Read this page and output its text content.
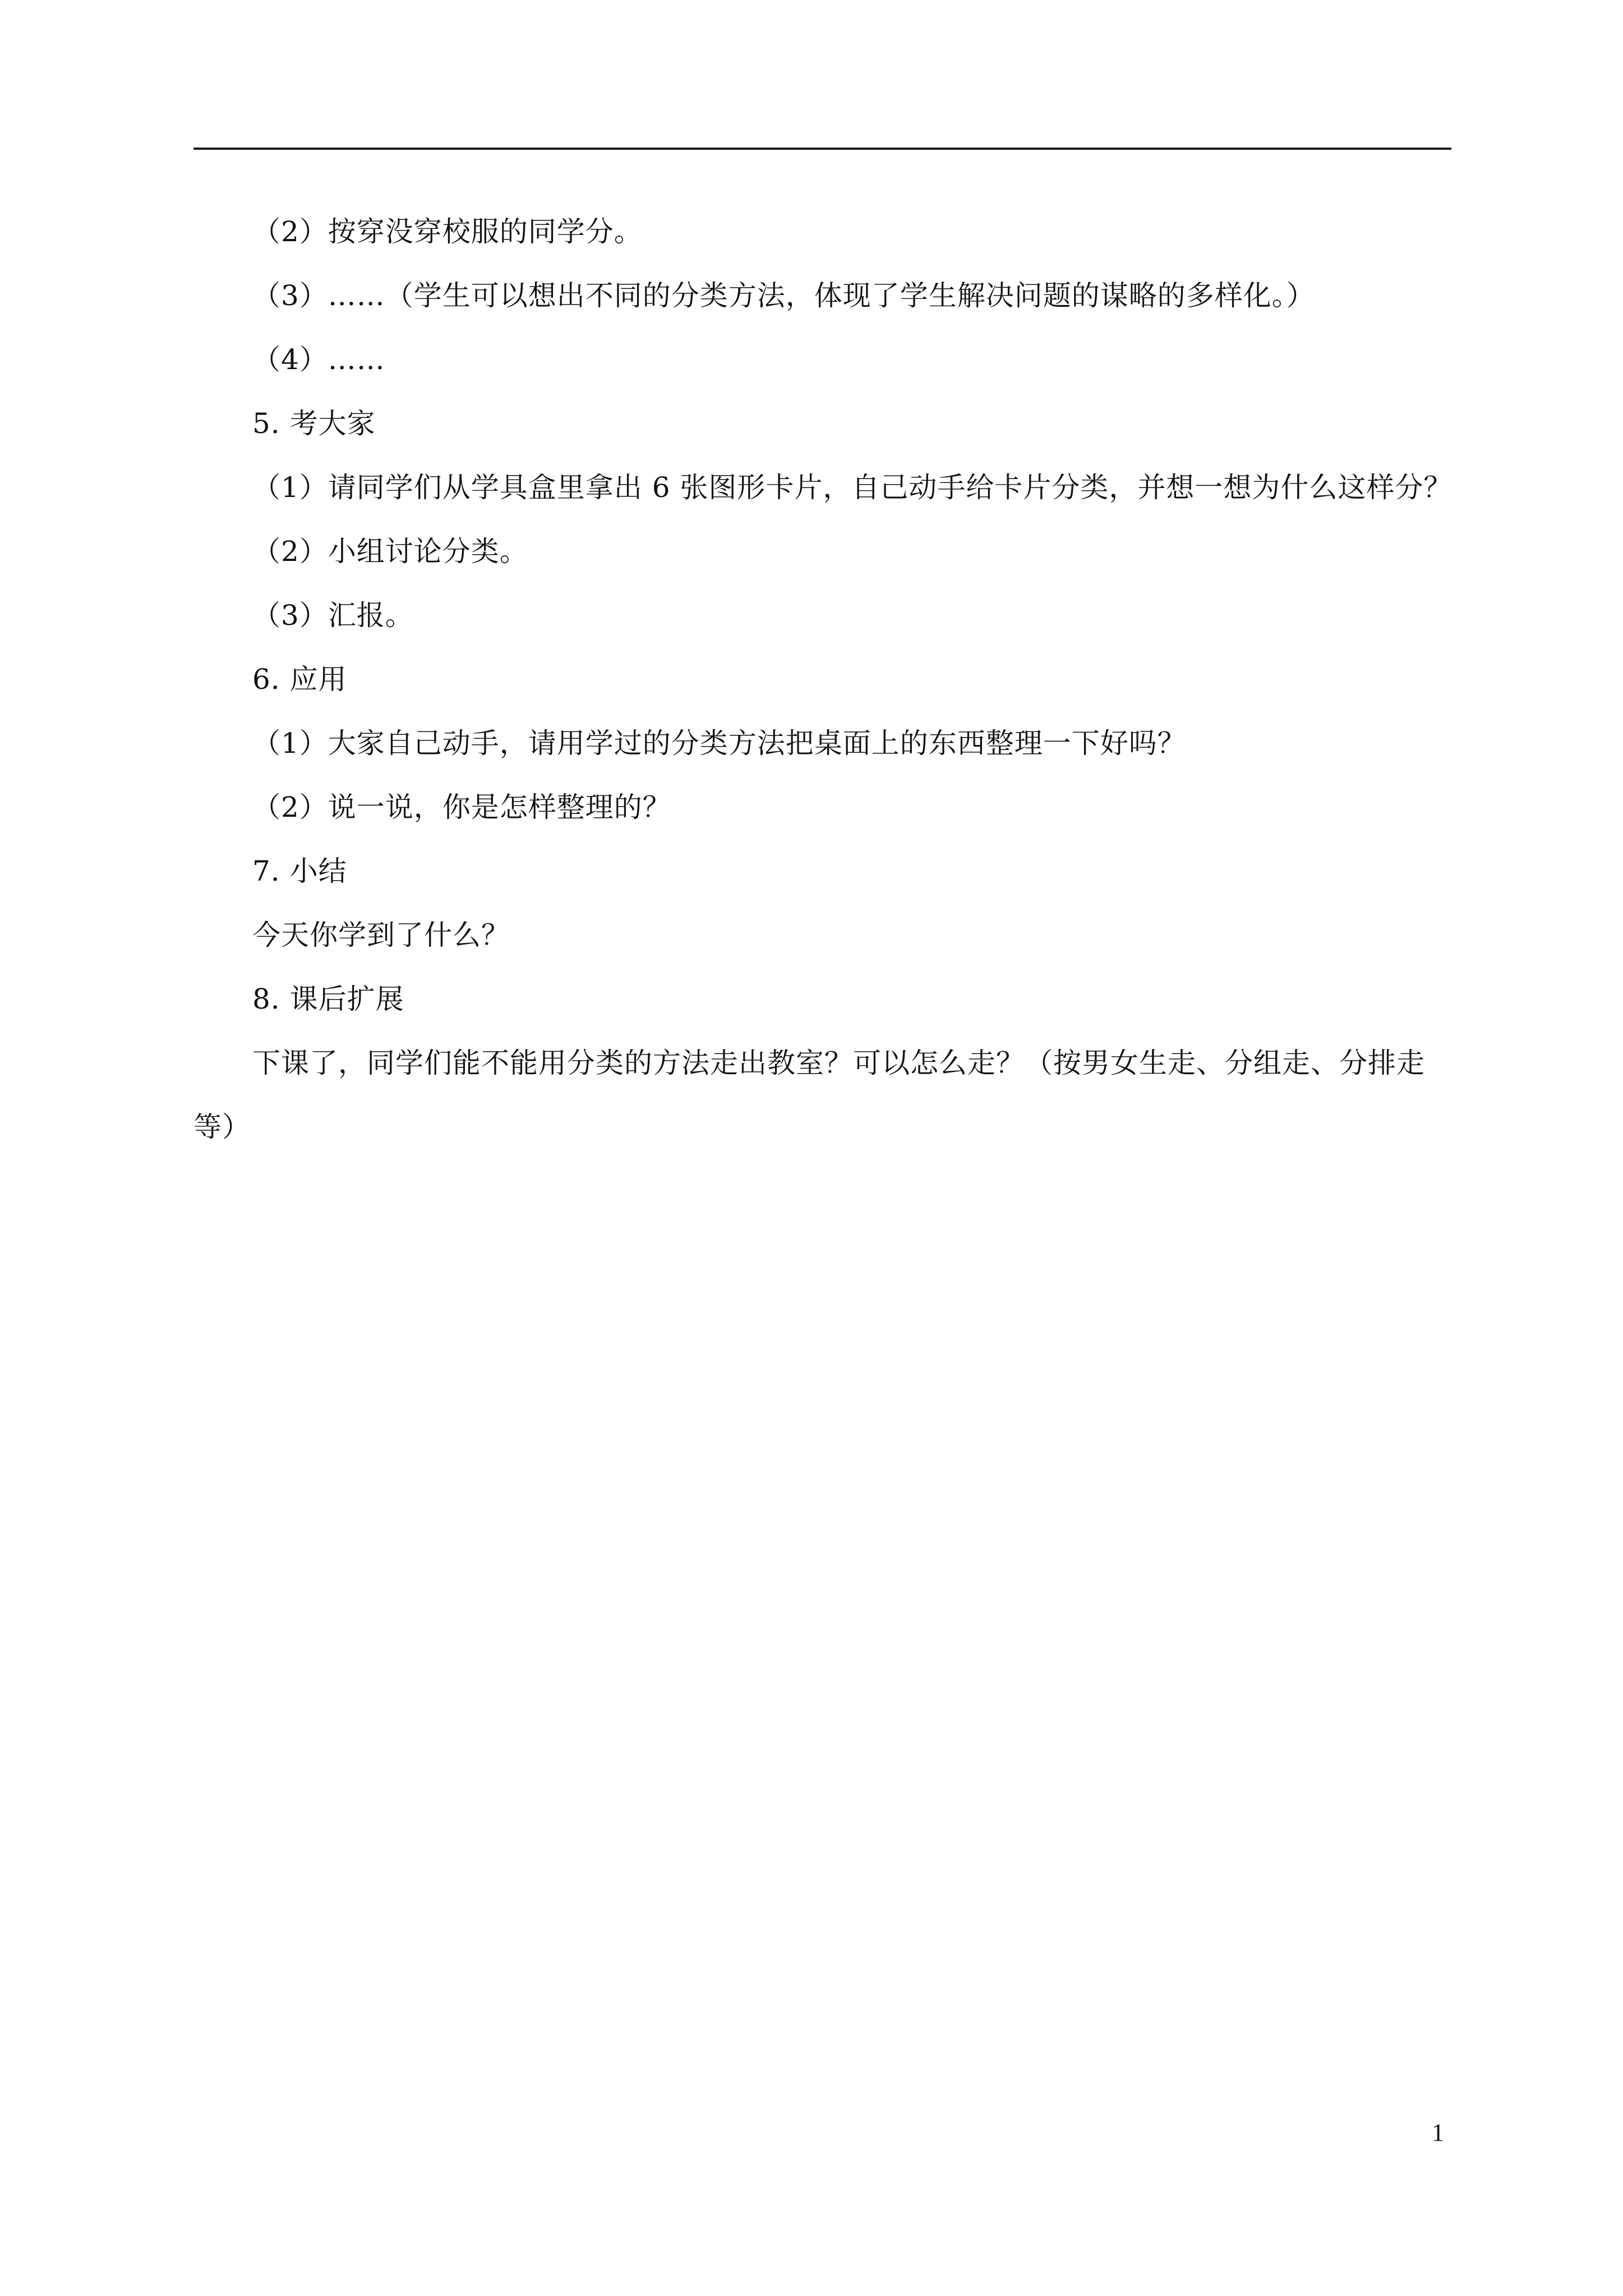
（2）按穿没穿校服的同学分。
（3）……（学生可以想出不同的分类方法，体现了学生解决问题的谋略的多样化。）
（4）……
5. 考大家
（1）请同学们从学具盒里拿出 6 张图形卡片，自己动手给卡片分类，并想一想为什么这样分？
（2）小组讨论分类。
（3）汇报。
6. 应用
（1）大家自己动手，请用学过的分类方法把桌面上的东西整理一下好吗？
（2）说一说，你是怎样整理的？
7. 小结
今天你学到了什么？
8. 课后扩展
下课了，同学们能不能用分类的方法走出教室？可以怎么走？（按男女生走、分组走、分排走
等）
1
